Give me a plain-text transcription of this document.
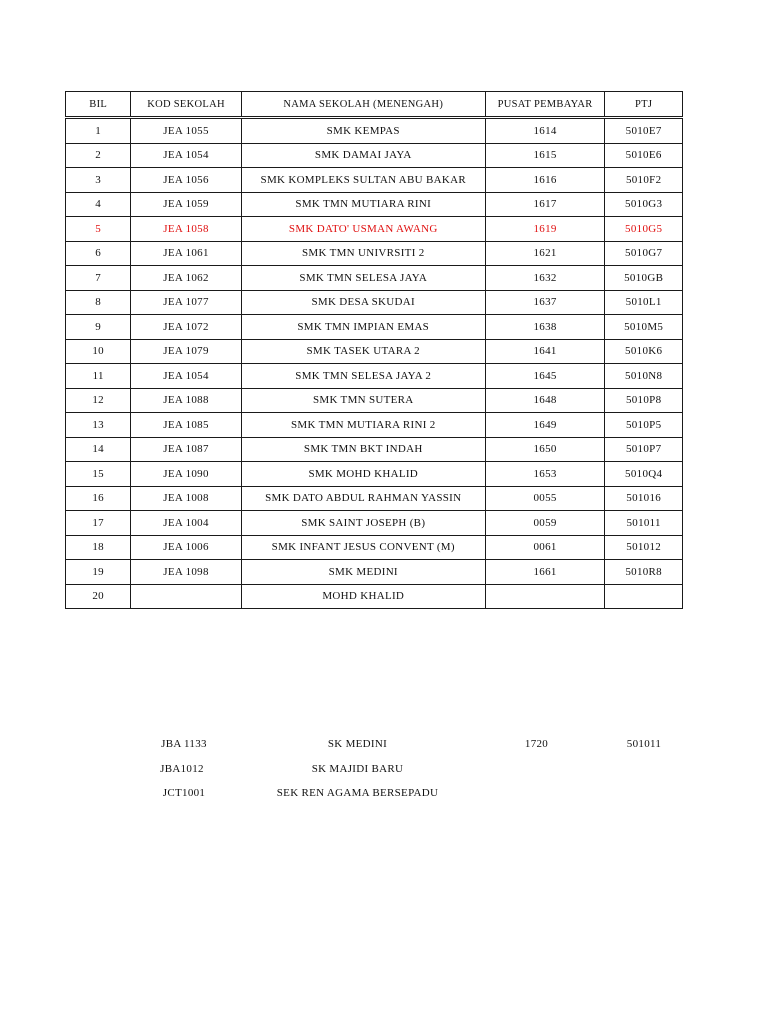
BIL	KOD SEKOLAH	NAMA SEKOLAH (MENENGAH)	PUSAT PEMBAYAR	PTJ
1	JEA 1055	SMK KEMPAS	1614	5010E7
2	JEA 1054	SMK DAMAI JAYA	1615	5010E6
3	JEA 1056	SMK KOMPLEKS SULTAN ABU BAKAR	1616	5010F2
4	JEA 1059	SMK TMN MUTIARA RINI	1617	5010G3
5	JEA 1058	SMK DATO' USMAN AWANG	1619	5010G5
6	JEA 1061	SMK TMN UNIVRSITI 2	1621	5010G7
7	JEA 1062	SMK TMN SELESA JAYA	1632	5010GB
8	JEA 1077	SMK DESA SKUDAI	1637	5010L1
9	JEA 1072	SMK TMN IMPIAN EMAS	1638	5010M5
10	JEA 1079	SMK TASEK UTARA 2	1641	5010K6
11	JEA 1054	SMK TMN SELESA JAYA 2	1645	5010N8
12	JEA 1088	SMK TMN SUTERA	1648	5010P8
13	JEA 1085	SMK TMN MUTIARA RINI 2	1649	5010P5
14	JEA 1087	SMK TMN BKT INDAH	1650	5010P7
15	JEA 1090	SMK MOHD KHALID	1653	5010Q4
16	JEA 1008	SMK DATO ABDUL RAHMAN YASSIN	0055	501016
17	JEA 1004	SMK SAINT JOSEPH (B)	0059	501011
18	JEA 1006	SMK INFANT JESUS CONVENT (M)	0061	501012
19	JEA 1098	SMK MEDINI	1661	5010R8
20		MOHD KHALID		
JBA 1133	SK MEDINI	1720	501011
JBA1012	SK MAJIDI BARU
JCT1001	SEK REN AGAMA BERSEPADU
